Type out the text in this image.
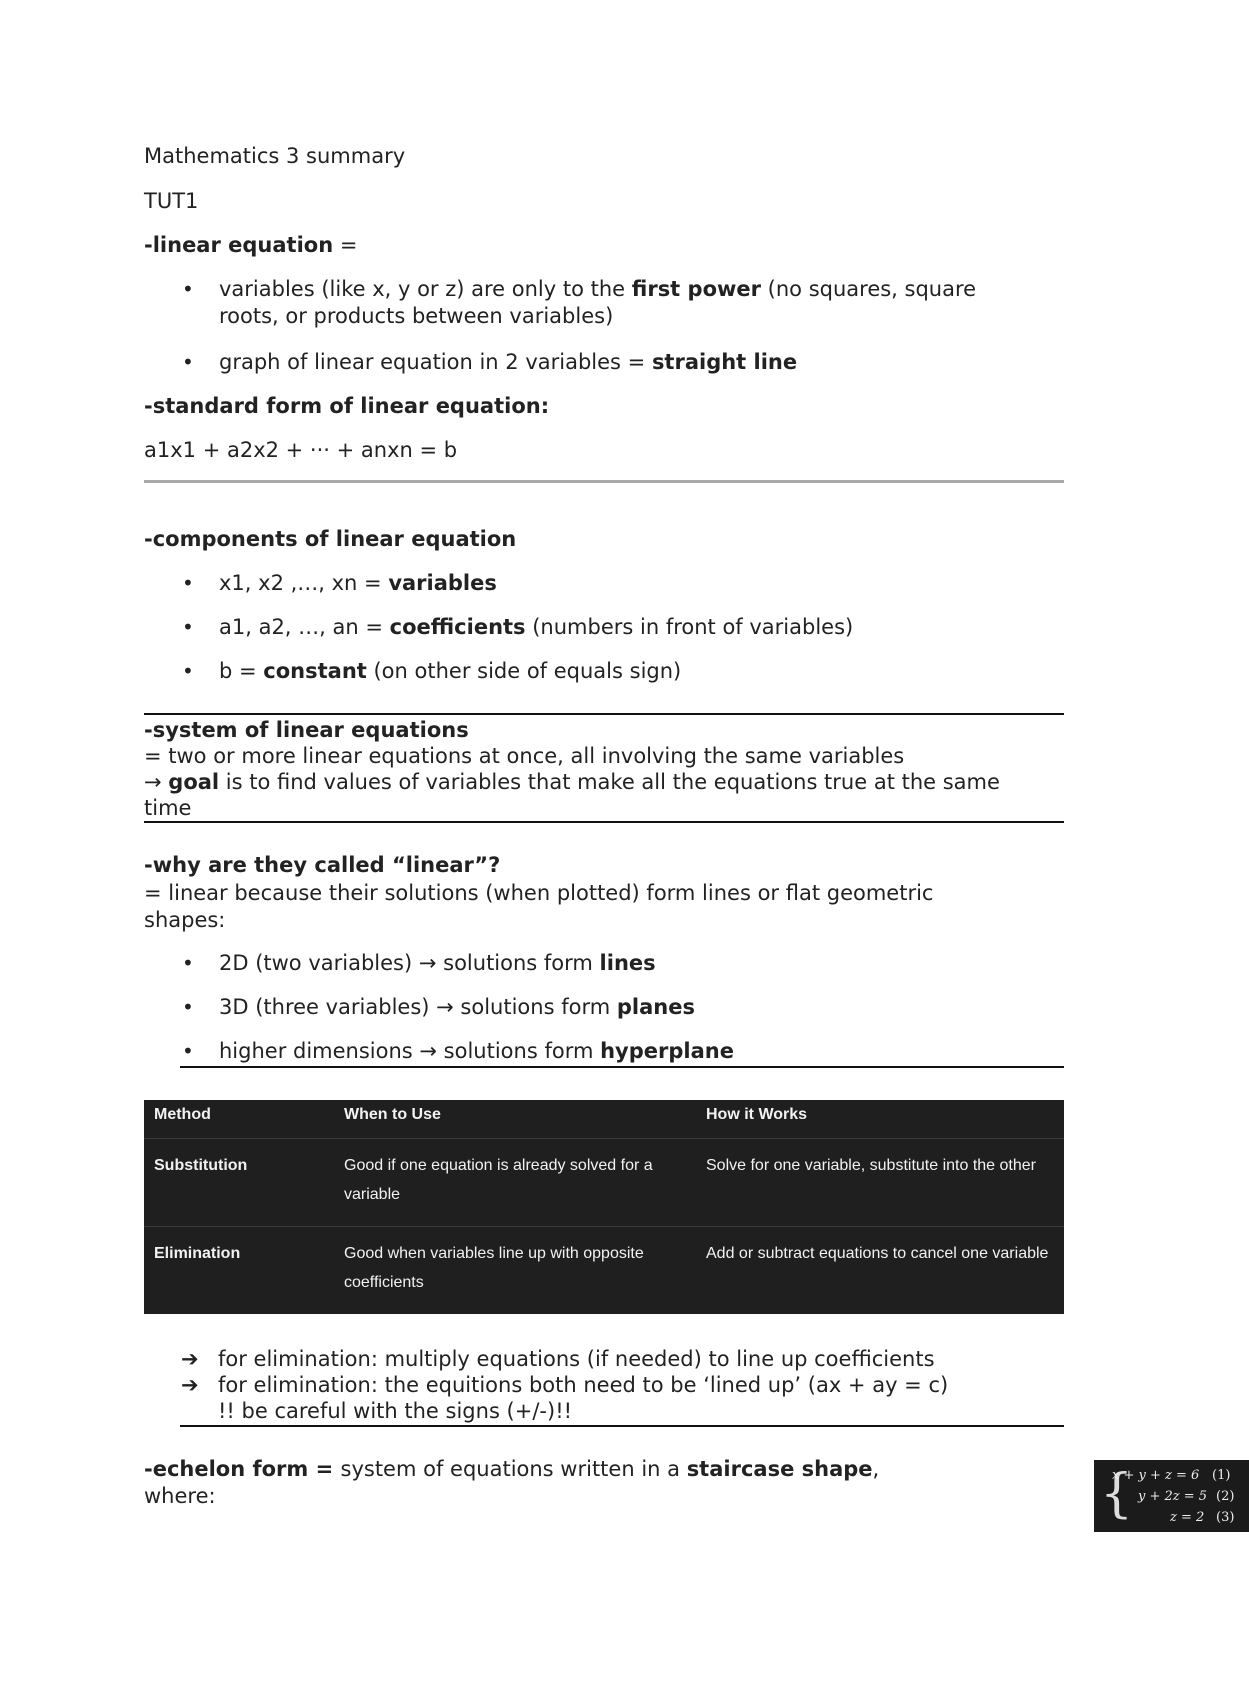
Mathematics 3 summary
TUT1
-linear equation =
• variables (like x, y or z) are only to the first power (no squares, square
roots, or products between variables)
• graph of linear equation in 2 variables = straight line
-standard form of linear equation:
a1x1 + a2x2 + ··· + anxn = b
-components of linear equation
• x1, x2 ,…, xn = variables
• a1, a2, …, an = coefficients (numbers in front of variables)
• b = constant (on other side of equals sign)
-system of linear equations
= two or more linear equations at once, all involving the same variables
→ goal is to find values of variables that make all the equations true at the same
time
-why are they called “linear”?
= linear because their solutions (when plotted) form lines or flat geometric
shapes:
• 2D (two variables) → solutions form lines
• 3D (three variables) → solutions form planes
• higher dimensions → solutions form hyperplane
Method	When to Use	How it Works
Substitution	Good if one equation is already solved for a variable	Solve for one variable, substitute into the other
Elimination	Good when variables line up with opposite coefficients	Add or subtract equations to cancel one variable
➔ for elimination: multiply equations (if needed) to line up coefficients
➔ for elimination: the equitions both need to be ‘lined up’ (ax + ay = c)
!! be careful with the signs (+/-)!!
-echelon form = system of equations written in a staircase shape,
where:	{
x + y + z = 6 (1)
y + 2z = 5 (2)
z = 2 (3)
